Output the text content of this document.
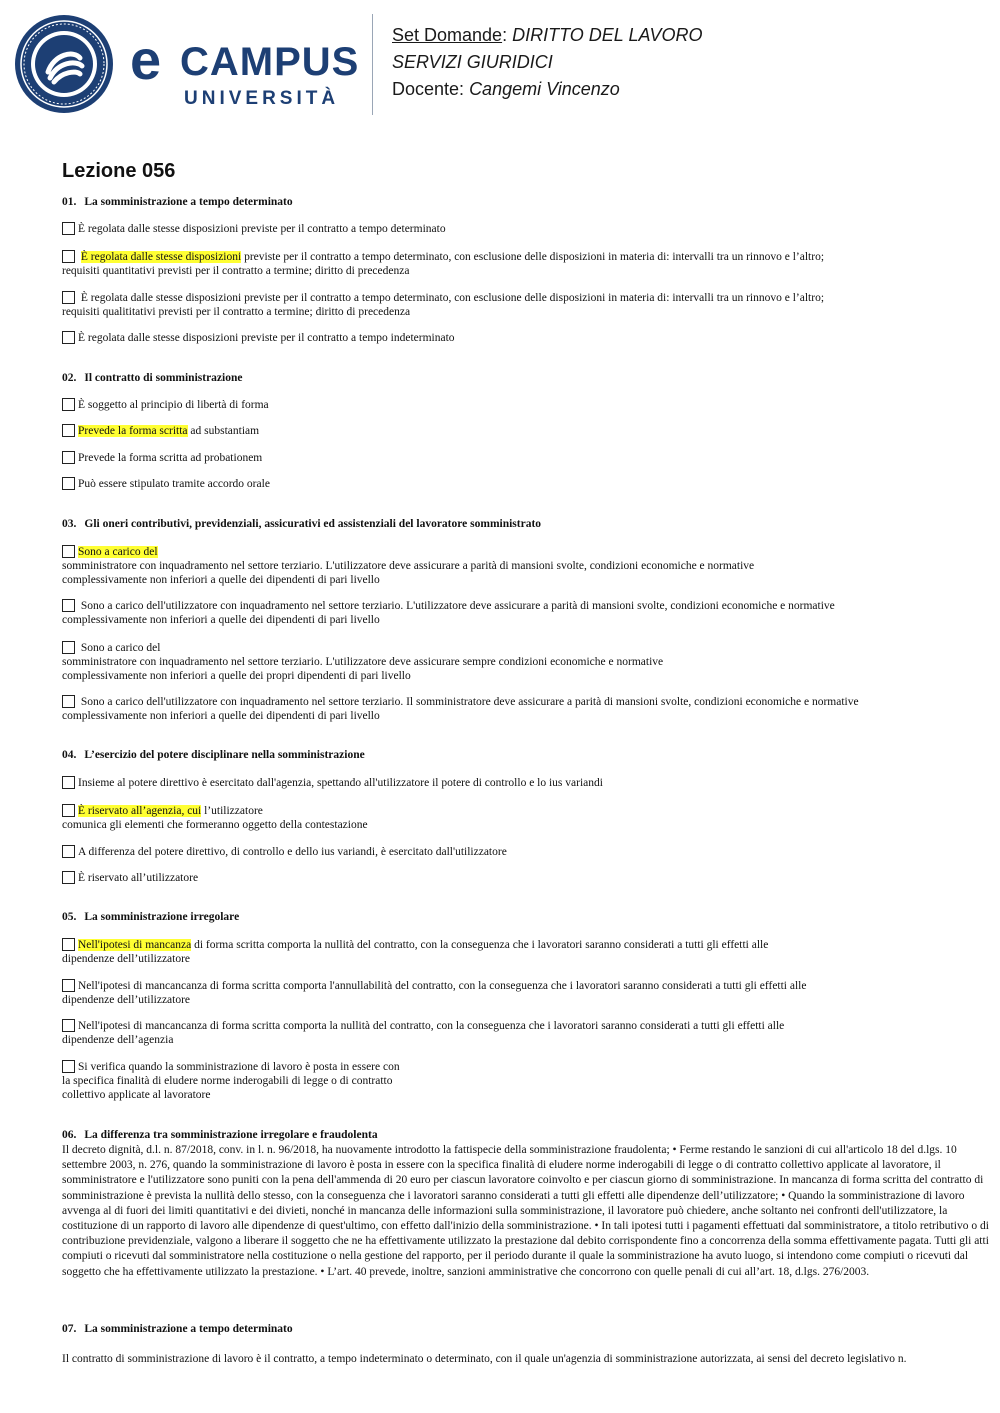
e CAMPUS
UNIVERSITÀ
Set Domande: DIRITTO DEL LAVORO
SERVIZI GIURIDICI
Docente: Cangemi Vincenzo
Lezione 056
01. La somministrazione a tempo determinato
È regolata dalle stesse disposizioni previste per il contratto a tempo determinato
È regolata dalle stesse disposizioni previste per il contratto a tempo determinato, con esclusione delle disposizioni in materia di: intervalli tra un rinnovo e l’altro;
requisiti quantitativi previsti per il contratto a termine; diritto di precedenza
È regolata dalle stesse disposizioni previste per il contratto a tempo determinato, con esclusione delle disposizioni in materia di: intervalli tra un rinnovo e l’altro;
requisiti qualititativi previsti per il contratto a termine; diritto di precedenza
È regolata dalle stesse disposizioni previste per il contratto a tempo indeterminato
02. Il contratto di somministrazione
È soggetto al principio di libertà di forma
Prevede la forma scritta ad substantiam
Prevede la forma scritta ad probationem
Può essere stipulato tramite accordo orale
03. Gli oneri contributivi, previdenziali, assicurativi ed assistenziali del lavoratore somministrato
Sono a carico del
somministratore con inquadramento nel settore terziario. L'utilizzatore deve assicurare a parità di mansioni svolte, condizioni economiche e normative
complessivamente non inferiori a quelle dei dipendenti di pari livello
Sono a carico dell'utilizzatore con inquadramento nel settore terziario. L'utilizzatore deve assicurare a parità di mansioni svolte, condizioni economiche e normative
complessivamente non inferiori a quelle dei dipendenti di pari livello
Sono a carico del
somministratore con inquadramento nel settore terziario. L'utilizzatore deve assicurare sempre condizioni economiche e normative
complessivamente non inferiori a quelle dei propri dipendenti di pari livello
Sono a carico dell'utilizzatore con inquadramento nel settore terziario. Il somministratore deve assicurare a parità di mansioni svolte, condizioni economiche e normative
complessivamente non inferiori a quelle dei dipendenti di pari livello
04. L’esercizio del potere disciplinare nella somministrazione
Insieme al potere direttivo è esercitato dall'agenzia, spettando all'utilizzatore il potere di controllo e lo ius variandi
È riservato all’agenzia, cui l’utilizzatore
comunica gli elementi che formeranno oggetto della contestazione
A differenza del potere direttivo, di controllo e dello ius variandi, è esercitato dall'utilizzatore
È riservato all’utilizzatore
05. La somministrazione irregolare
Nell'ipotesi di mancanza di forma scritta comporta la nullità del contratto, con la conseguenza che i lavoratori saranno considerati a tutti gli effetti alle
dipendenze dell’utilizzatore
Nell'ipotesi di mancancanza di forma scritta comporta l'annullabilità del contratto, con la conseguenza che i lavoratori saranno considerati a tutti gli effetti alle
dipendenze dell’utilizzatore
Nell'ipotesi di mancancanza di forma scritta comporta la nullità del contratto, con la conseguenza che i lavoratori saranno considerati a tutti gli effetti alle
dipendenze dell’agenzia
Si verifica quando la somministrazione di lavoro è posta in essere con
la specifica finalità di eludere norme inderogabili di legge o di contratto
collettivo applicate al lavoratore
06. La differenza tra somministrazione irregolare e fraudolenta
Il decreto dignità, d.l. n. 87/2018, conv. in l. n. 96/2018, ha nuovamente introdotto la fattispecie della somministrazione fraudolenta; • Ferme restando le sanzioni di cui all'articolo 18 del d.lgs. 10 settembre 2003, n. 276, quando la somministrazione di lavoro è posta in essere con la specifica finalità di eludere norme inderogabili di legge o di contratto collettivo applicate al lavoratore, il somministratore e l'utilizzatore sono puniti con la pena dell'ammenda di 20 euro per ciascun lavoratore coinvolto e per ciascun giorno di somministrazione. In mancanza di forma scritta del contratto di somministrazione è prevista la nullità dello stesso, con la conseguenza che i lavoratori saranno considerati a tutti gli effetti alle dipendenze dell’utilizzatore; • Quando la somministrazione di lavoro avvenga al di fuori dei limiti quantitativi e dei divieti, nonché in mancanza delle informazioni sulla somministrazione, il lavoratore può chiedere, anche soltanto nei confronti dell'utilizzatore, la costituzione di un rapporto di lavoro alle dipendenze di quest'ultimo, con effetto dall'inizio della somministrazione. • In tali ipotesi tutti i pagamenti effettuati dal somministratore, a titolo retributivo o di contribuzione previdenziale, valgono a liberare il soggetto che ne ha effettivamente utilizzato la prestazione dal debito corrispondente fino a concorrenza della somma effettivamente pagata. Tutti gli atti compiuti o ricevuti dal somministratore nella costituzione o nella gestione del rapporto, per il periodo durante il quale la somministrazione ha avuto luogo, si intendono come compiuti o ricevuti dal soggetto che ha effettivamente utilizzato la prestazione. • L’art. 40 prevede, inoltre, sanzioni amministrative che concorrono con quelle penali di cui all’art. 18, d.lgs. 276/2003.
07. La somministrazione a tempo determinato
Il contratto di somministrazione di lavoro è il contratto, a tempo indeterminato o determinato, con il quale un'agenzia di somministrazione autorizzata, ai sensi del decreto legislativo n.
